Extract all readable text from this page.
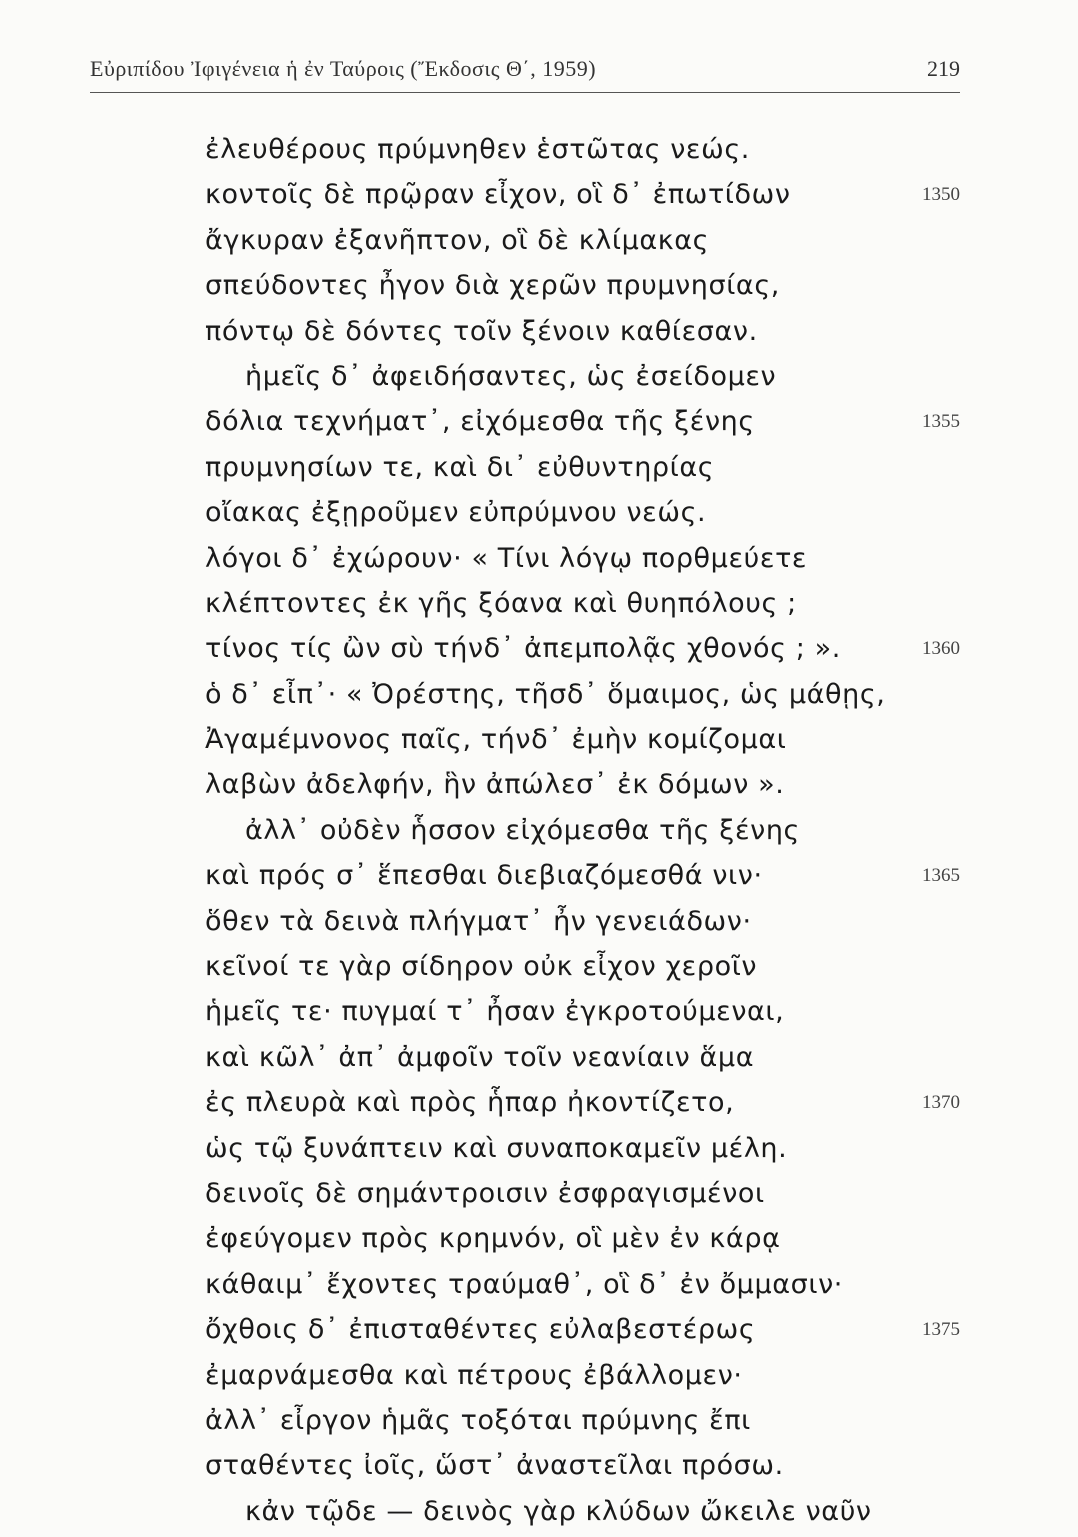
Εὐριπίδου Ἰφιγένεια ἡ ἐν Ταύροις (Ἔκδοσις Θ΄, 1959)	219
ἐλευθέρους πρύμνηθεν ἑστῶτας νεώς.
κοντοῖς δὲ πρῷραν εἶχον, οἳ δ᾽ ἐπωτίδων	1350
ἄγκυραν ἐξανῆπτον, οἳ δὲ κλίμακας
σπεύδοντες ἦγον διὰ χερῶν πρυμνησίας,
πόντῳ δὲ δόντες τοῖν ξένοιν καθίεσαν.
ἡμεῖς δ᾽ ἀφειδήσαντες, ὡς ἐσείδομεν
δόλια τεχνήματ᾽, εἰχόμεσθα τῆς ξένης	1355
πρυμνησίων τε, καὶ δι᾽ εὐθυντηρίας
οἴακας ἐξῃροῦμεν εὐπρύμνου νεώς.
λόγοι δ᾽ ἐχώρουν· « Τίνι λόγῳ πορθμεύετε
κλέπτοντες ἐκ γῆς ξόανα καὶ θυηπόλους ;
τίνος τίς ὢν σὺ τήνδ᾽ ἀπεμπολᾷς χθονός ; ».	1360
ὁ δ᾽ εἶπ᾽· « Ὀρέστης, τῆσδ᾽ ὅμαιμος, ὡς μάθῃς,
Ἀγαμέμνονος παῖς, τήνδ᾽ ἐμὴν κομίζομαι
λαβὼν ἀδελφήν, ἣν ἀπώλεσ᾽ ἐκ δόμων ».
ἀλλ᾽ οὐδὲν ἧσσον εἰχόμεσθα τῆς ξένης
καὶ πρός σ᾽ ἕπεσθαι διεβιαζόμεσθά νιν·	1365
ὅθεν τὰ δεινὰ πλήγματ᾽ ἦν γενειάδων·
κεῖνοί τε γὰρ σίδηρον οὐκ εἶχον χεροῖν
ἡμεῖς τε· πυγμαί τ᾽ ἦσαν ἐγκροτούμεναι,
καὶ κῶλ᾽ ἀπ᾽ ἀμφοῖν τοῖν νεανίαιν ἅμα
ἐς πλευρὰ καὶ πρὸς ἧπαρ ἠκοντίζετο,	1370
ὡς τῷ ξυνάπτειν καὶ συναποκαμεῖν μέλη.
δεινοῖς δὲ σημάντροισιν ἐσφραγισμένοι
ἐφεύγομεν πρὸς κρημνόν, οἳ μὲν ἐν κάρᾳ
κάθαιμ᾽ ἔχοντες τραύμαθ᾽, οἳ δ᾽ ἐν ὄμμασιν·
ὄχθοις δ᾽ ἐπισταθέντες εὐλαβεστέρως	1375
ἐμαρνάμεσθα καὶ πέτρους ἐβάλλομεν·
ἀλλ᾽ εἶργον ἡμᾶς τοξόται πρύμνης ἔπι
σταθέντες ἰοῖς, ὥστ᾽ ἀναστεῖλαι πρόσω.
κἀν τῷδε — δεινὸς γὰρ κλύδων ὤκειλε ναῦν
